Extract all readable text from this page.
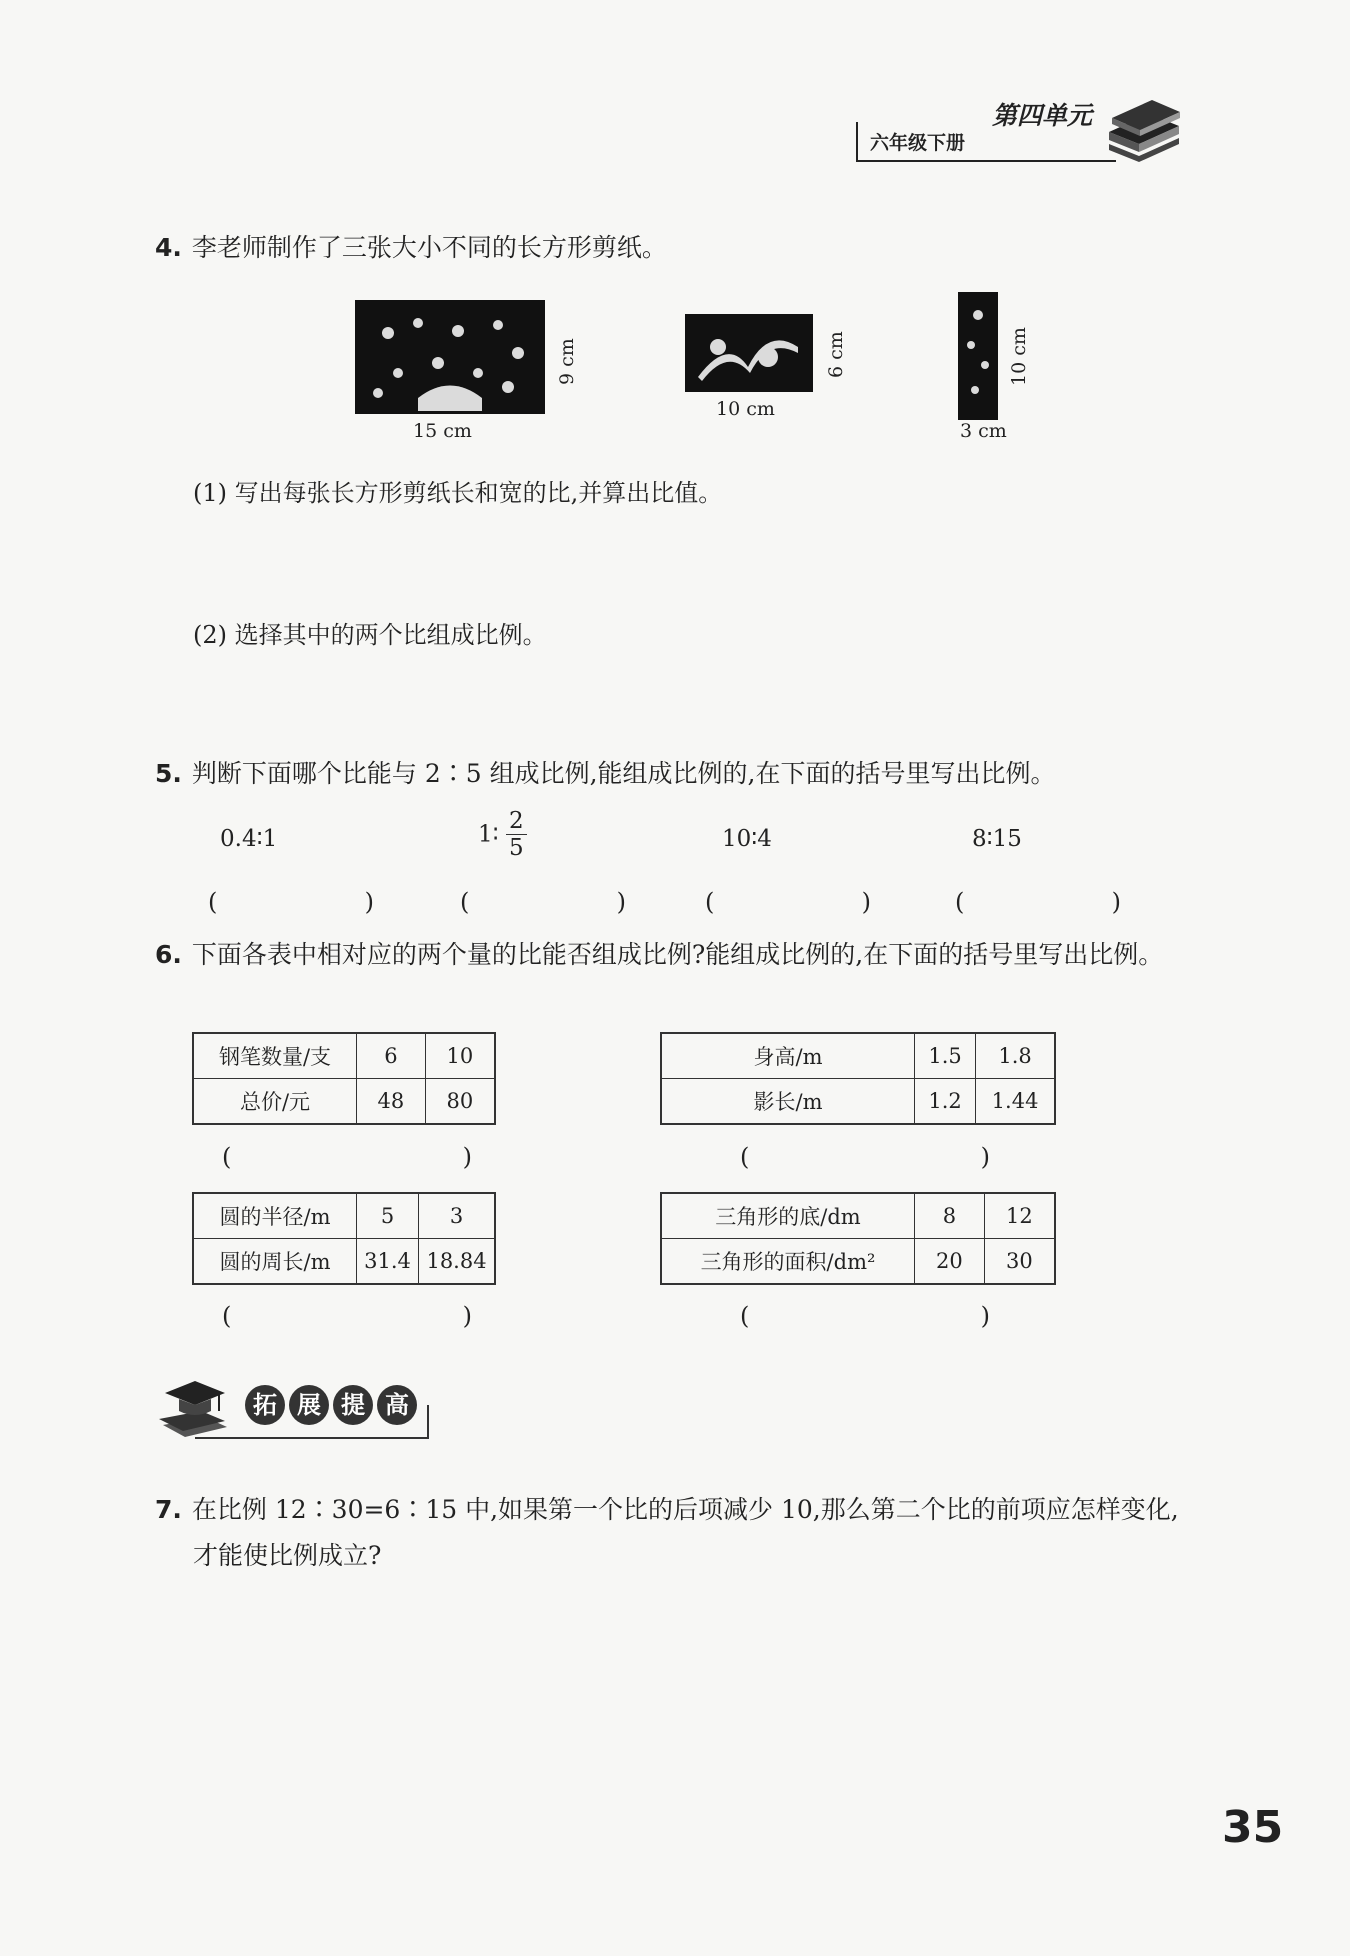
六年级下册
第四单元
4. 李老师制作了三张大小不同的长方形剪纸。
15 cm
9 cm
10 cm
6 cm
3 cm
10 cm
(1) 写出每张长方形剪纸长和宽的比,并算出比值。
(2) 选择其中的两个比组成比例。
5. 判断下面哪个比能与 2∶5 组成比例,能组成比例的,在下面的括号里写出比例。
0.4∶1	1∶ $\frac{2}{5}$	10∶4	8∶15
(	)	(	)	(	)	(	)
6. 下面各表中相对应的两个量的比能否组成比例?能组成比例的,在下面的括号里写出比例。
钢笔数量/支	6	10
总价/元	48	80
身高/m	1.5	1.8
影长/m	1.2	1.44
(	)	(	)
圆的半径/m	5	3
圆的周长/m	31.4	18.84
三角形的底/dm	8	12
三角形的面积/dm²	20	30
(	)	(	)
拓 展 提 高
7. 在比例 12∶30=6∶15 中,如果第一个比的后项减少 10,那么第二个比的前项应怎样变化,才能使比例成立?
35
